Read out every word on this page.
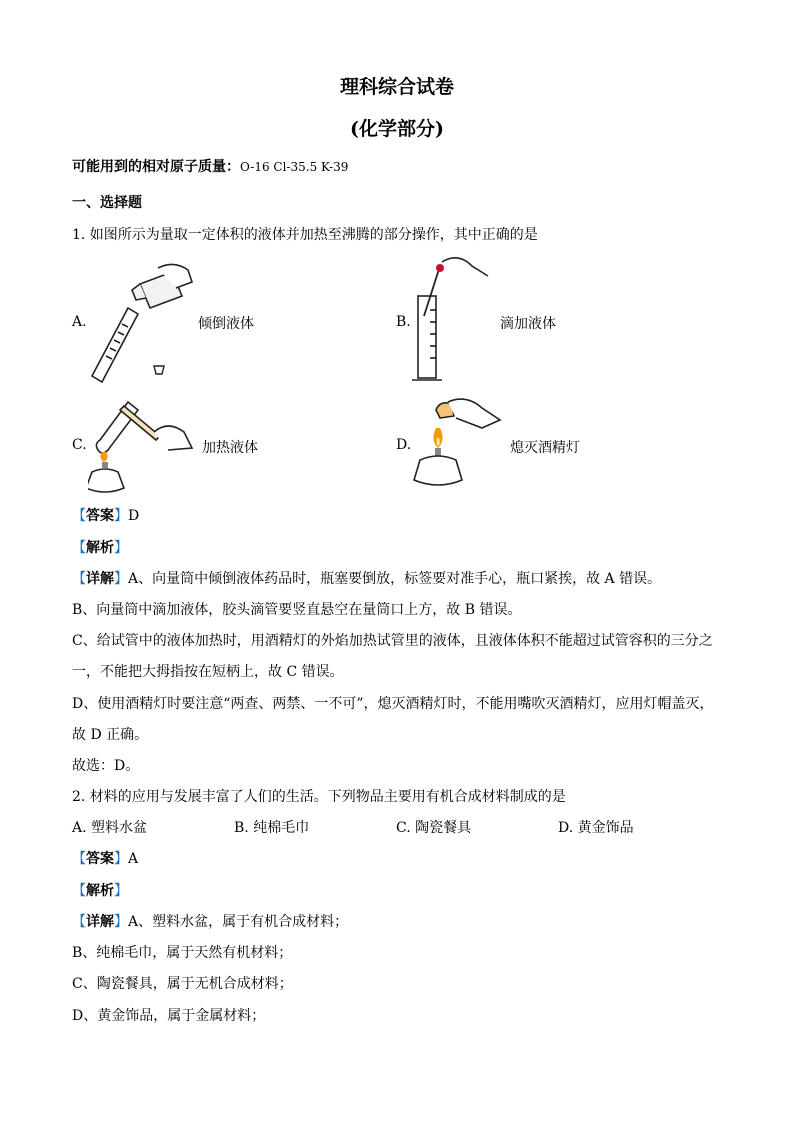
理科综合试卷
(化学部分)
可能用到的相对原子质量：O-16 Cl-35.5 K-39
一、选择题
1. 如图所示为量取一定体积的液体并加热至沸腾的部分操作，其中正确的是
A.	倾倒液体	B.	滴加液体
C.	加热液体	D.	熄灭酒精灯
【答案】D
【解析】
【详解】A、向量筒中倾倒液体药品时，瓶塞要倒放，标签要对准手心，瓶口紧挨，故 A 错误。
B、向量筒中滴加液体，胶头滴管要竖直悬空在量筒口上方，故 B 错误。
C、给试管中的液体加热时，用酒精灯的外焰加热试管里的液体，且液体体积不能超过试管容积的三分之
一，不能把大拇指按在短柄上，故 C 错误。
D、使用酒精灯时要注意“两查、两禁、一不可”，熄灭酒精灯时，不能用嘴吹灭酒精灯，应用灯帽盖灭，
故 D 正确。
故选：D。
2. 材料的应用与发展丰富了人们的生活。下列物品主要用有机合成材料制成的是
A. 塑料水盆	B. 纯棉毛巾	C. 陶瓷餐具	D. 黄金饰品
【答案】A
【解析】
【详解】A、塑料水盆，属于有机合成材料；
B、纯棉毛巾，属于天然有机材料；
C、陶瓷餐具，属于无机合成材料；
D、黄金饰品，属于金属材料；
